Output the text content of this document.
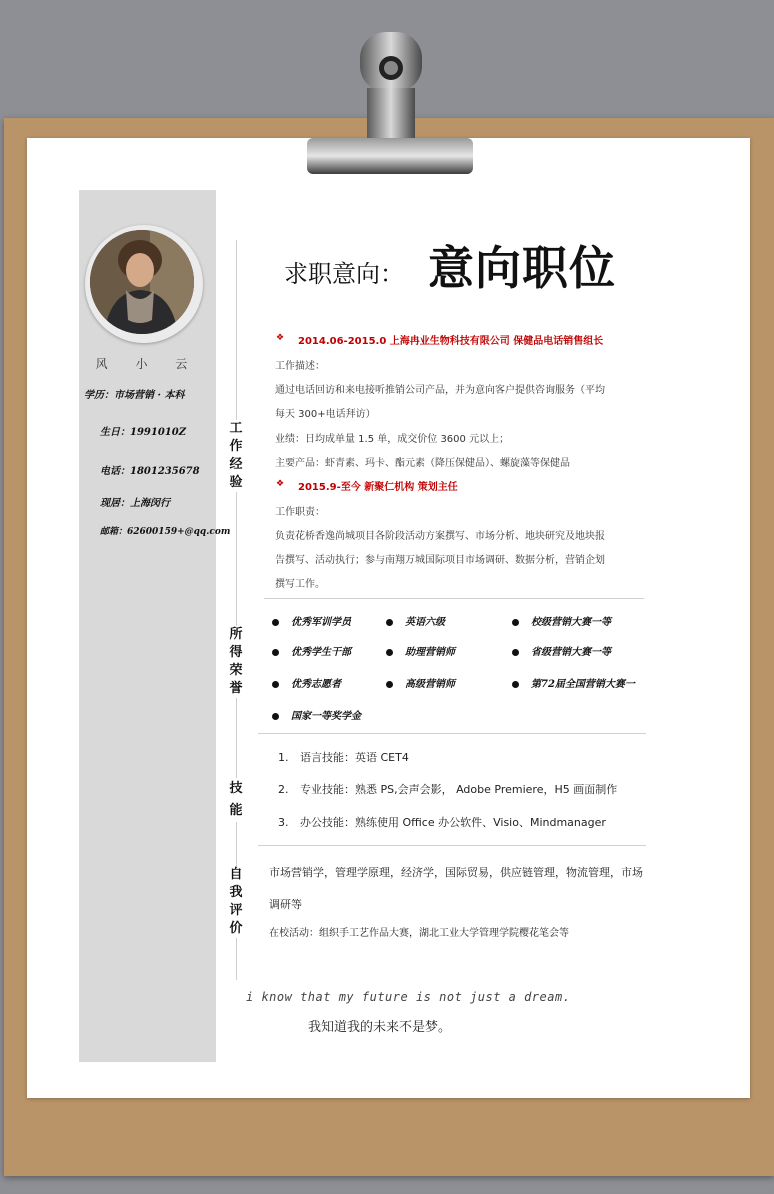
风 小 云
学历：市场营销 · 本科
生日：1991010Z
电话：1801235678
现居：上海闵行
邮箱：62600159+@qq.com
工作经验
所得荣誉
技能
自我评价
求职意向： 意向职位
❖ 2014.06-2015.0 上海冉业生物科技有限公司 保健品电话销售组长
工作描述：
通过电话回访和来电接听推销公司产品，并为意向客户提供咨询服务（平均
每天 300+电话拜访）
业绩：日均成单量 1.5 单，成交价位 3600 元以上；
主要产品：虾青素、玛卡、酯元素（降压保健品）、螺旋藻等保健品
❖ 2015.9-至今 新聚仁机构 策划主任
工作职责：
负责花桥香逸尚城项目各阶段活动方案撰写、市场分析、地块研究及地块报
告撰写、活动执行；参与南翔万城国际项目市场调研、数据分析，营销企划
撰写工作。
优秀军训学员	英语六级	校级营销大赛一等
优秀学生干部	助理营销师	省级营销大赛一等
优秀志愿者	高级营销师	第72届全国营销大赛一
国家一等奖学金
1. 语言技能：英语 CET4
2. 专业技能：熟悉 PS,会声会影， Adobe Premiere，H5 画面制作
3. 办公技能：熟练使用 Office 办公软件、Visio、Mindmanager
市场营销学，管理学原理，经济学，国际贸易，供应链管理，物流管理，市场
调研等
在校活动：组织手工艺作品大赛，湖北工业大学管理学院樱花笔会等
i know that my future is not just a dream.
我知道我的未来不是梦。
